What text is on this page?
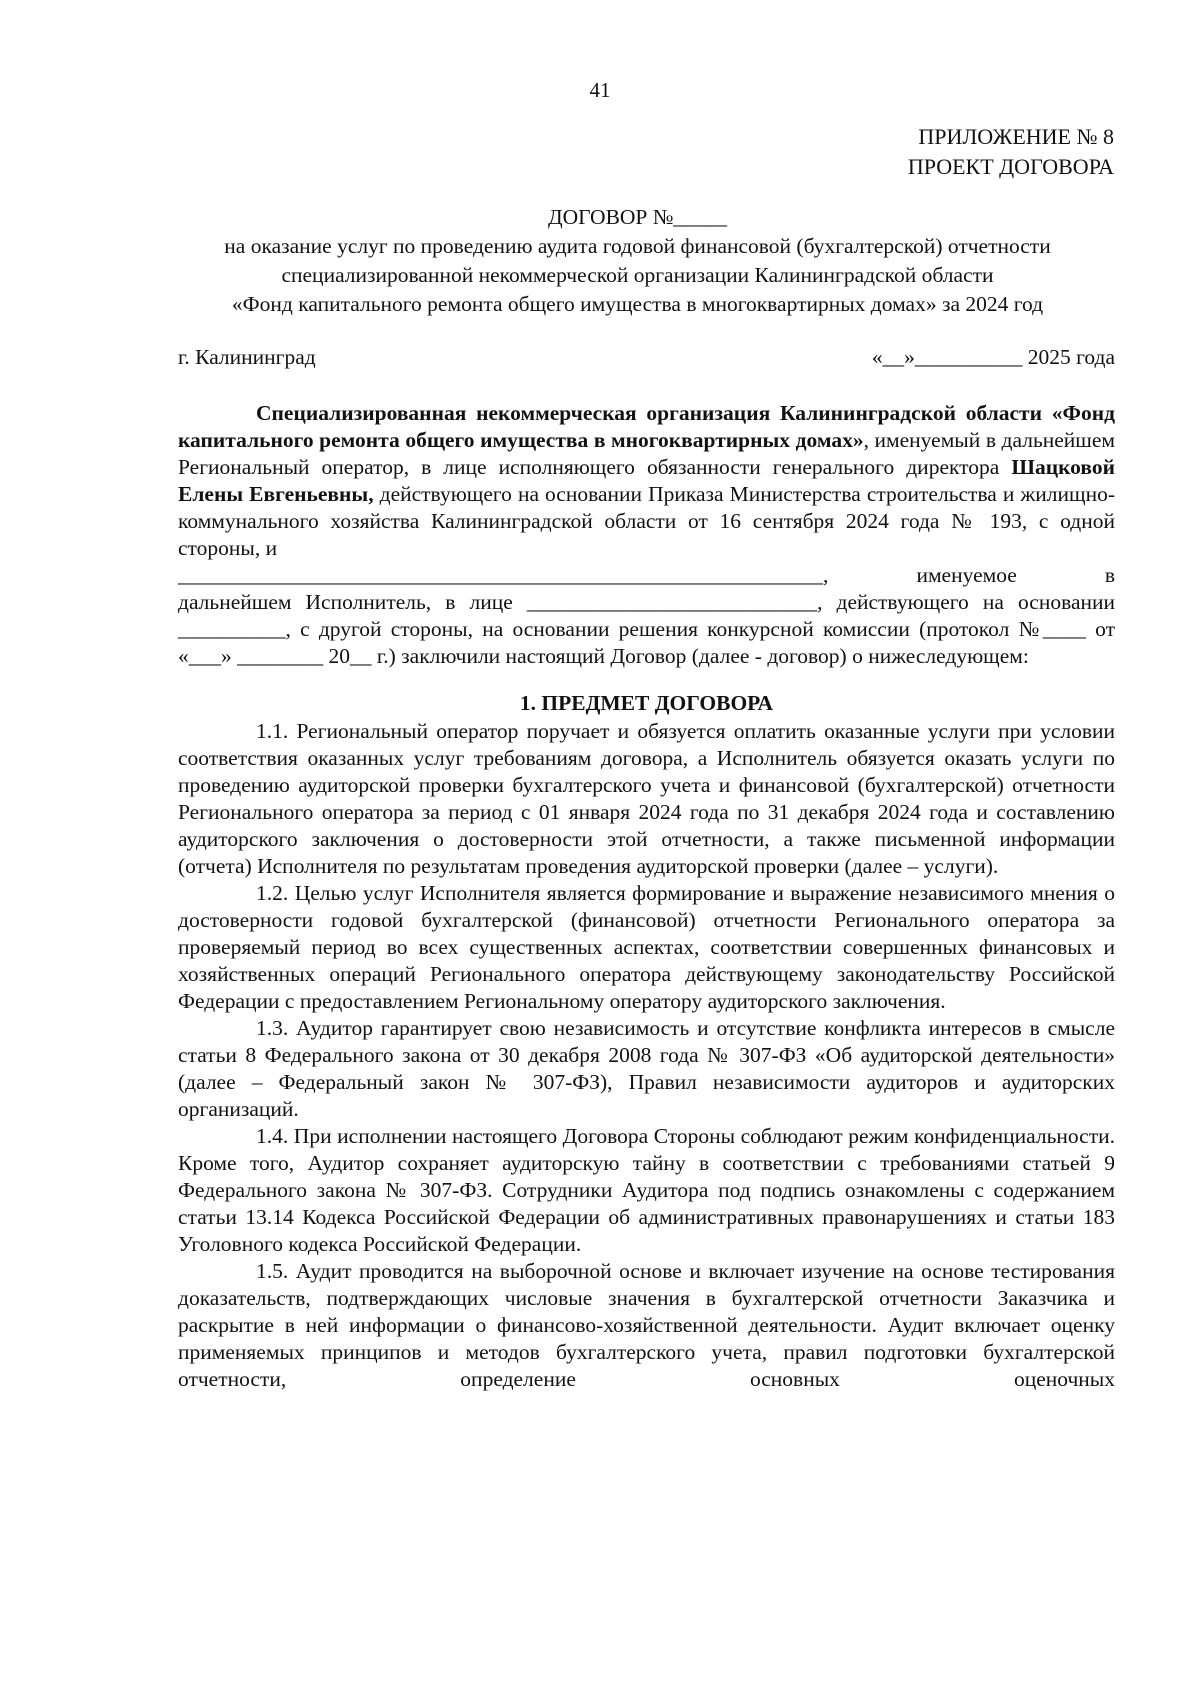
41
ПРИЛОЖЕНИЕ № 8
ПРОЕКТ ДОГОВОРА
ДОГОВОР №_____
на оказание услуг по проведению аудита годовой финансовой (бухгалтерской) отчетности
специализированной некоммерческой организации Калининградской области
«Фонд капитального ремонта общего имущества в многоквартирных домах» за 2024 год
г. Калининград	«__»__________ 2025 года

Специализированная некоммерческая организация Калининградской области «Фонд капитального ремонта общего имущества в многоквартирных домах», именуемый в дальнейшем Региональный оператор, в лице исполняющего обязанности генерального директора Шацковой Елены Евгеньевны, действующего на основании Приказа Министерства строительства и жилищно-коммунального хозяйства Калининградской области от 16 сентября 2024 года № 193, с одной стороны, и

____________________________________________________________, именуемое в

дальнейшем Исполнитель, в лице ___________________________, действующего на основании

__________, с другой стороны, на основании решения конкурсной комиссии (протокол №____ от «___» ________ 20__ г.) заключили настоящий Договор (далее - договор) о нижеследующем:

1. ПРЕДМЕТ ДОГОВОРА

1.1. Региональный оператор поручает и обязуется оплатить оказанные услуги при условии соответствия оказанных услуг требованиям договора, а Исполнитель обязуется оказать услуги по проведению аудиторской проверки бухгалтерского учета и финансовой (бухгалтерской) отчетности Регионального оператора за период с 01 января 2024 года по 31 декабря 2024 года и составлению аудиторского заключения о достоверности этой отчетности, а также письменной информации (отчета) Исполнителя по результатам проведения аудиторской проверки (далее – услуги).

1.2. Целью услуг Исполнителя является формирование и выражение независимого мнения о достоверности годовой бухгалтерской (финансовой) отчетности Регионального оператора за проверяемый период во всех существенных аспектах, соответствии совершенных финансовых и хозяйственных операций Регионального оператора действующему законодательству Российской Федерации с предоставлением Региональному оператору аудиторского заключения.

1.3. Аудитор гарантирует свою независимость и отсутствие конфликта интересов в смысле статьи 8 Федерального закона от 30 декабря 2008 года № 307-ФЗ «Об аудиторской деятельности» (далее – Федеральный закон № 307-ФЗ), Правил независимости аудиторов и аудиторских организаций.

1.4. При исполнении настоящего Договора Стороны соблюдают режим конфиденциальности. Кроме того, Аудитор сохраняет аудиторскую тайну в соответствии с требованиями статьей 9 Федерального закона № 307-ФЗ. Сотрудники Аудитора под подпись ознакомлены с содержанием статьи 13.14 Кодекса Российской Федерации об административных правонарушениях и статьи 183 Уголовного кодекса Российской Федерации.

1.5. Аудит проводится на выборочной основе и включает изучение на основе тестирования доказательств, подтверждающих числовые значения в бухгалтерской отчетности Заказчика и раскрытие в ней информации о финансово-хозяйственной деятельности. Аудит включает оценку применяемых принципов и методов бухгалтерского учета, правил подготовки бухгалтерской отчетности, определение основных оценочных
